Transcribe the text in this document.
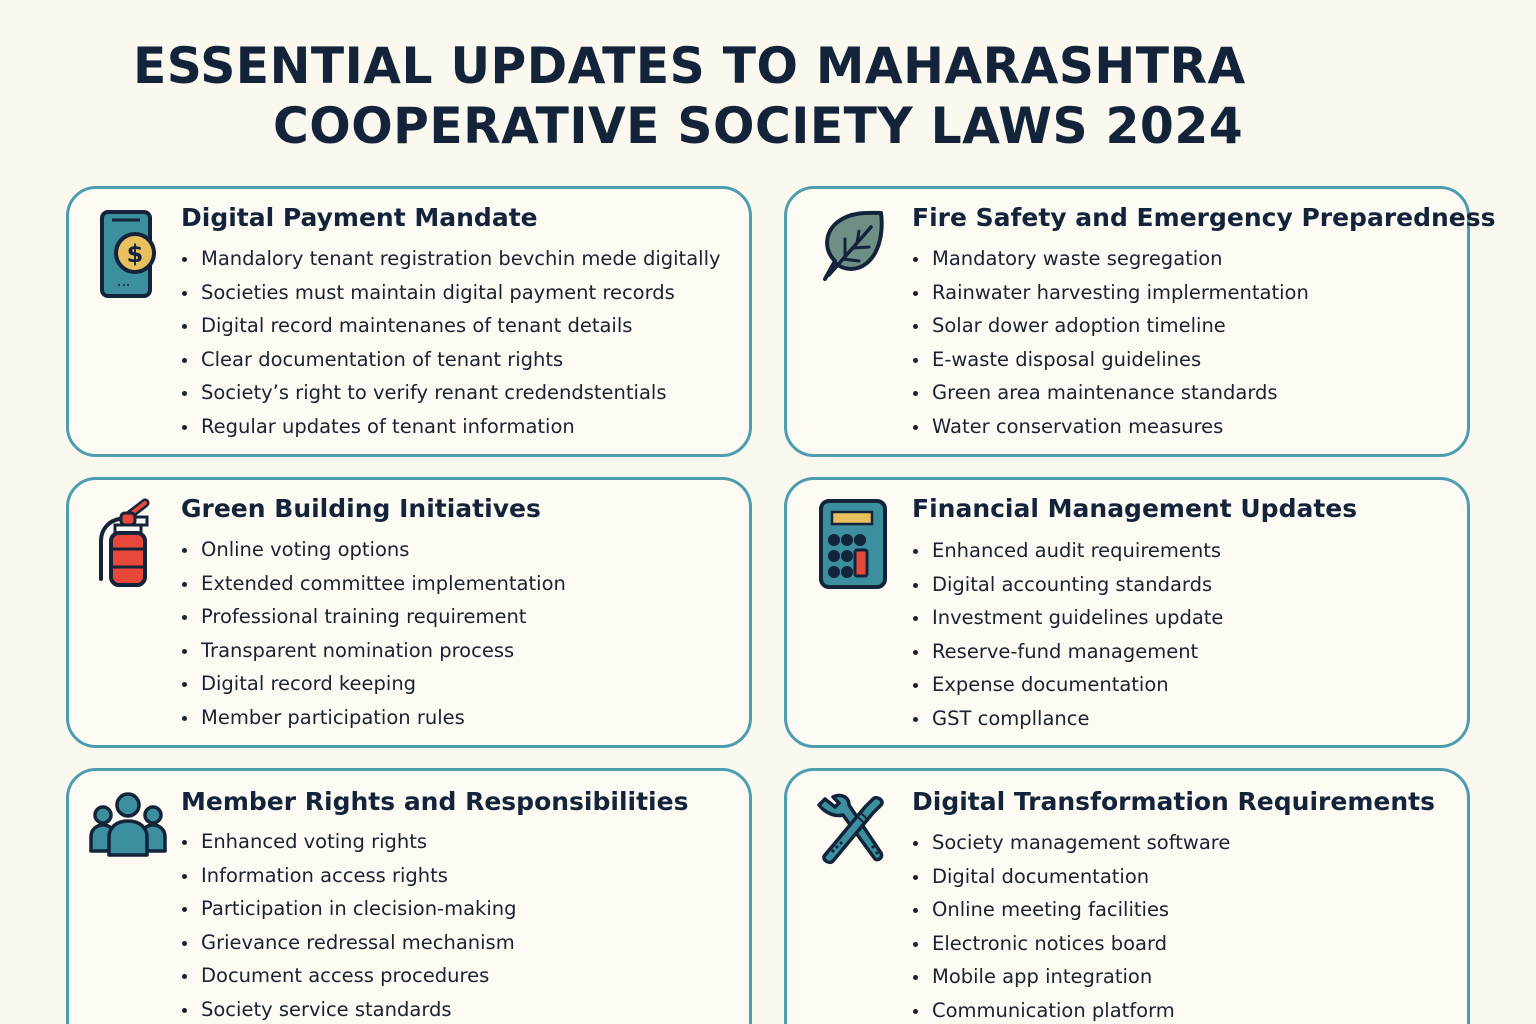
ESSENTIAL UPDATES TO MAHARASHTRA
COOPERATIVE SOCIETY LAWS 2024
$
Digital Payment Mandate
Mandalory tenant registration bevchin mede digitally
Societies must maintain digital payment records
Digital record maintenanes of tenant details
Clear documentation of tenant rights
Society’s right to verify renant credendstentials
Regular updates of tenant information
Fire Safety and Emergency Preparedness
Mandatory waste segregation
Rainwater harvesting implermentation
Solar dower adoption timeline
E-waste disposal guidelines
Green area maintenance standards
Water conservation measures
Green Building Initiatives
Online voting options
Extended committee implementation
Professional training requirement
Transparent nomination process
Digital record keeping
Member participation rules
Financial Management Updates
Enhanced audit requirements
Digital accounting standards
Investment guidelines update
Reserve-fund management
Expense documentation
GST compllance
Member Rights and Responsibilities
Enhanced voting rights
Information access rights
Participation in clecision-making
Grievance redressal mechanism
Document access procedures
Society service standards
Digital Transformation Requirements
Society management software
Digital documentation
Online meeting facilities
Electronic notices board
Mobile app integration
Communication platform
